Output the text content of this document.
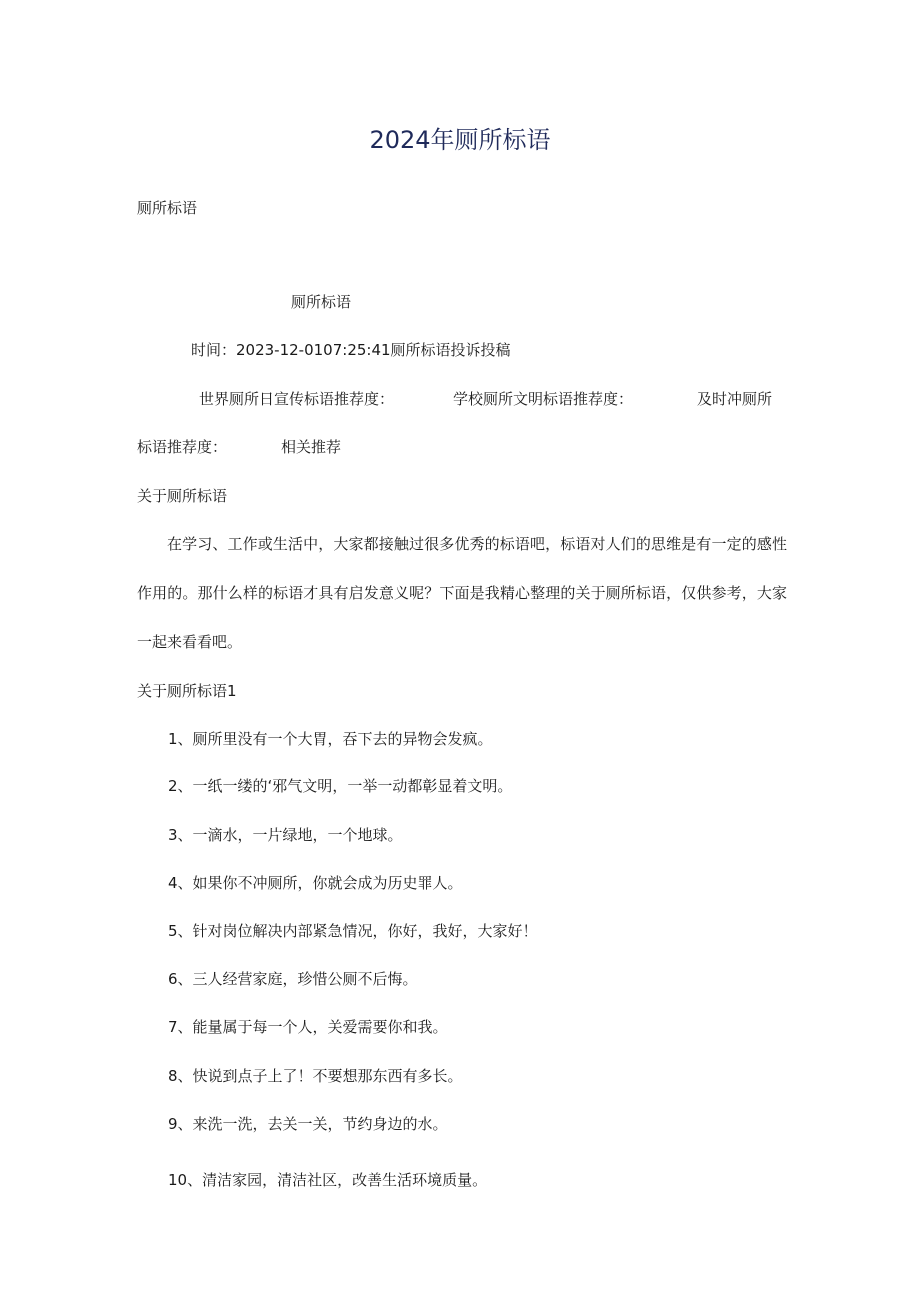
2024年厕所标语
厕所标语
厕所标语
时间：2023-12-0107:25:41厕所标语投诉投稿
世界厕所日宣传标语推荐度：	学校厕所文明标语推荐度：	及时冲厕所
标语推荐度：	相关推荐
关于厕所标语
在学习、工作或生活中，大家都接触过很多优秀的标语吧，标语对人们的思维是有一定的感性作用的。那什么样的标语才具有启发意义呢？下面是我精心整理的关于厕所标语，仅供参考，大家一起来看看吧。
关于厕所标语1
1、厕所里没有一个大胃，吞下去的异物会发疯。
2、一纸一缕的‘邪气文明，一举一动都彰显着文明。
3、一滴水，一片绿地，一个地球。
4、如果你不冲厕所，你就会成为历史罪人。
5、针对岗位解决内部紧急情况，你好，我好，大家好！
6、三人经营家庭，珍惜公厕不后悔。
7、能量属于每一个人，关爱需要你和我。
8、快说到点子上了！不要想那东西有多长。
9、来洗一洗，去关一关，节约身边的水。
10、清洁家园，清洁社区，改善生活环境质量。
